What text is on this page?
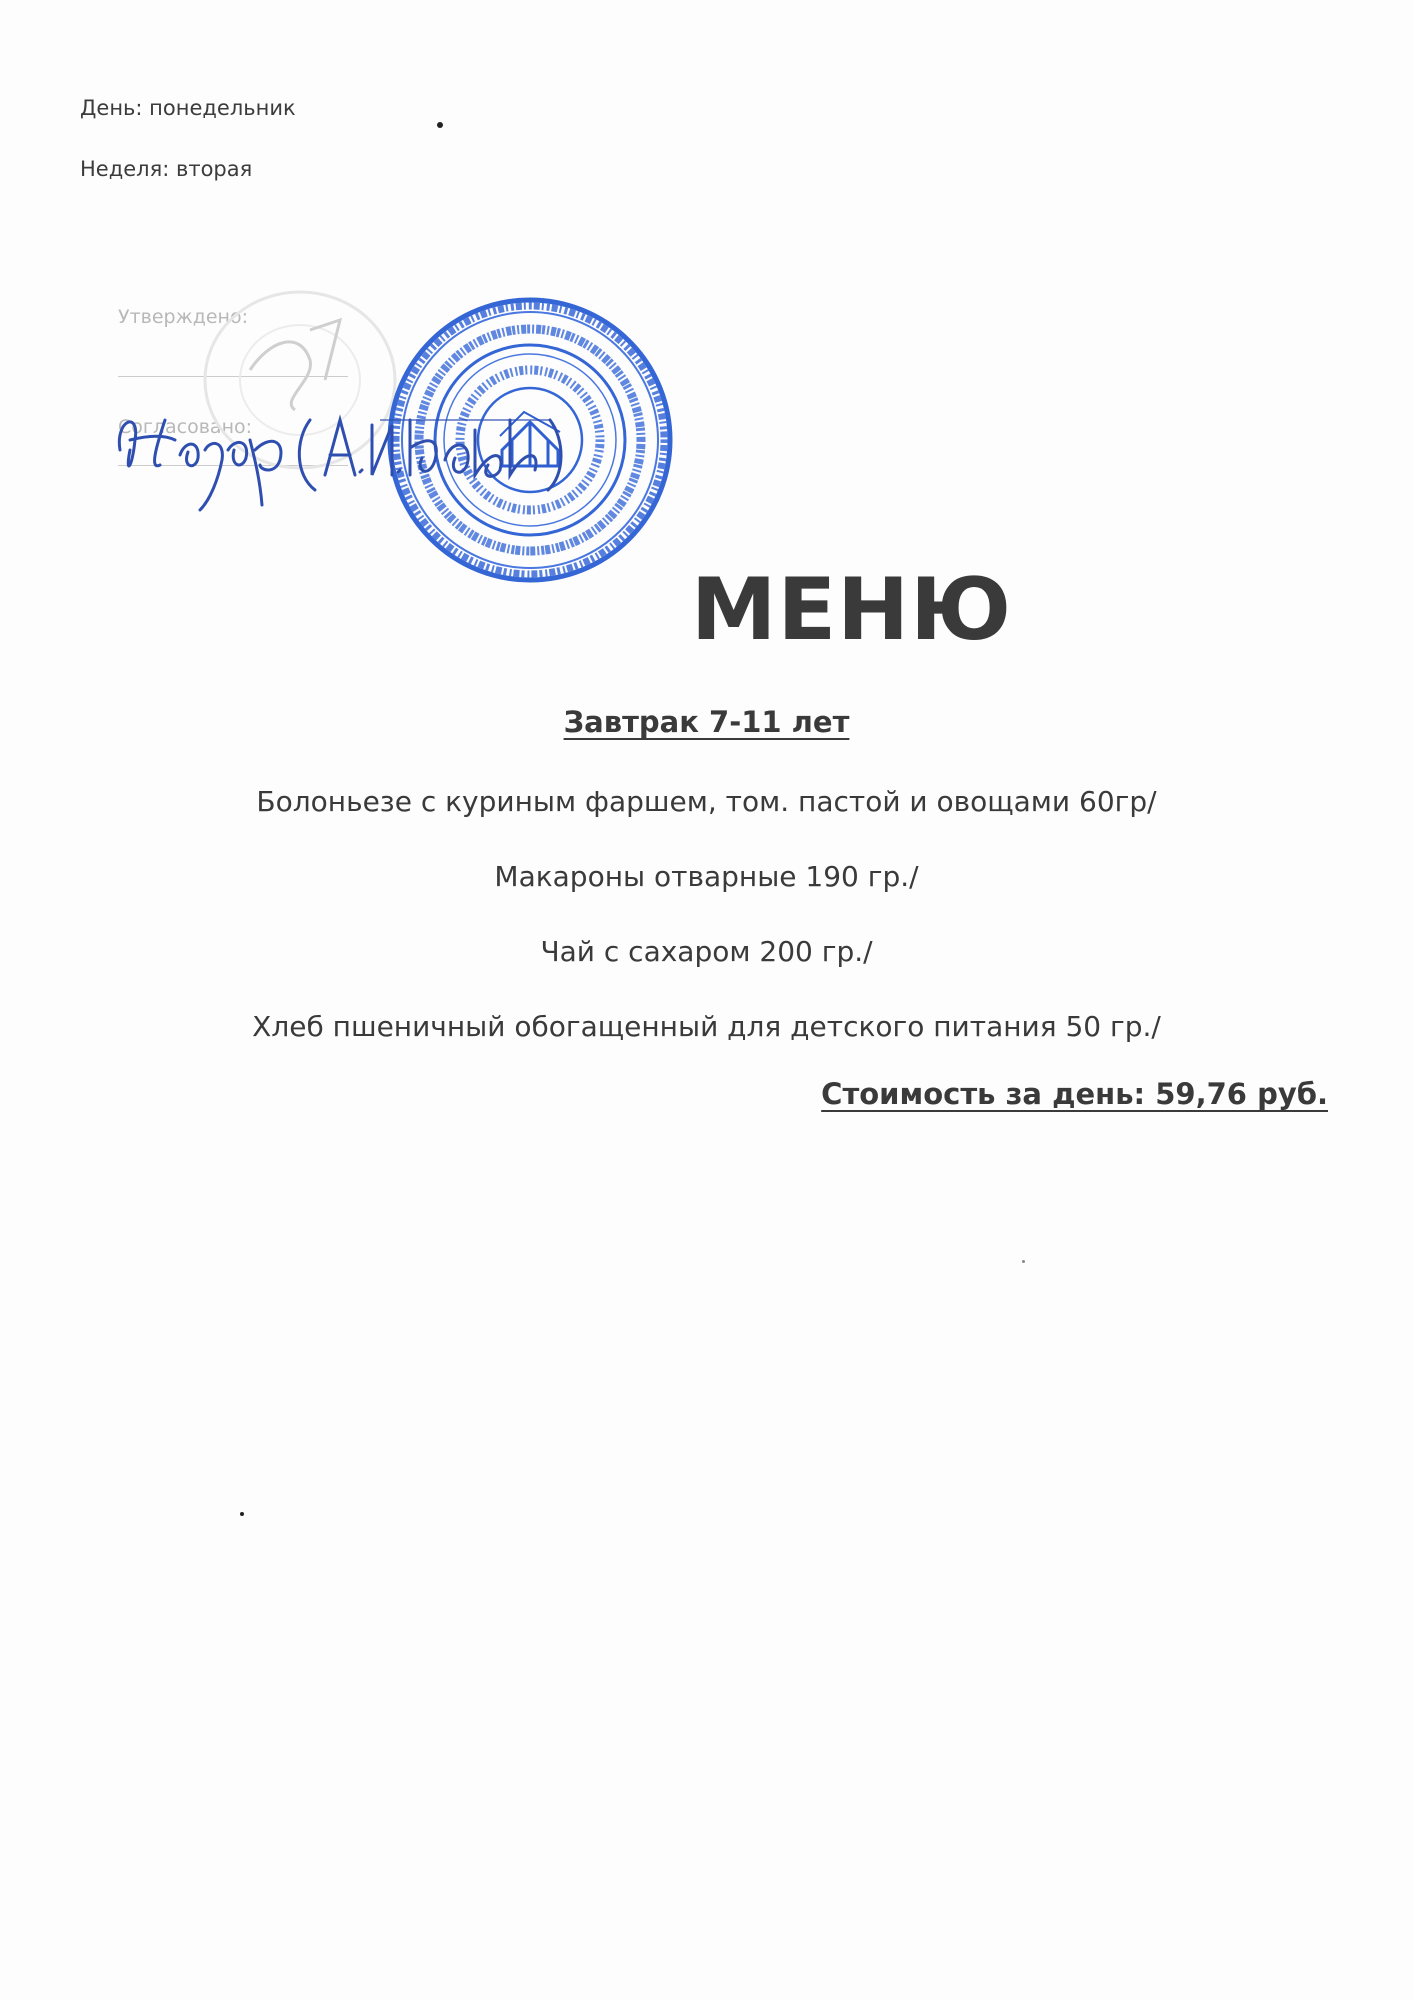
День: понедельник
Неделя: вторая
Утверждено:
Согласовано:
МЕНЮ
Завтрак 7-11 лет
Болоньезе с куриным фаршем, том. пастой и овощами 60гр/
Макароны отварные 190 гр./
Чай с сахаром 200 гр./
Хлеб пшеничный обогащенный для детского питания 50 гр./
Стоимость за день: 59,76 руб.
